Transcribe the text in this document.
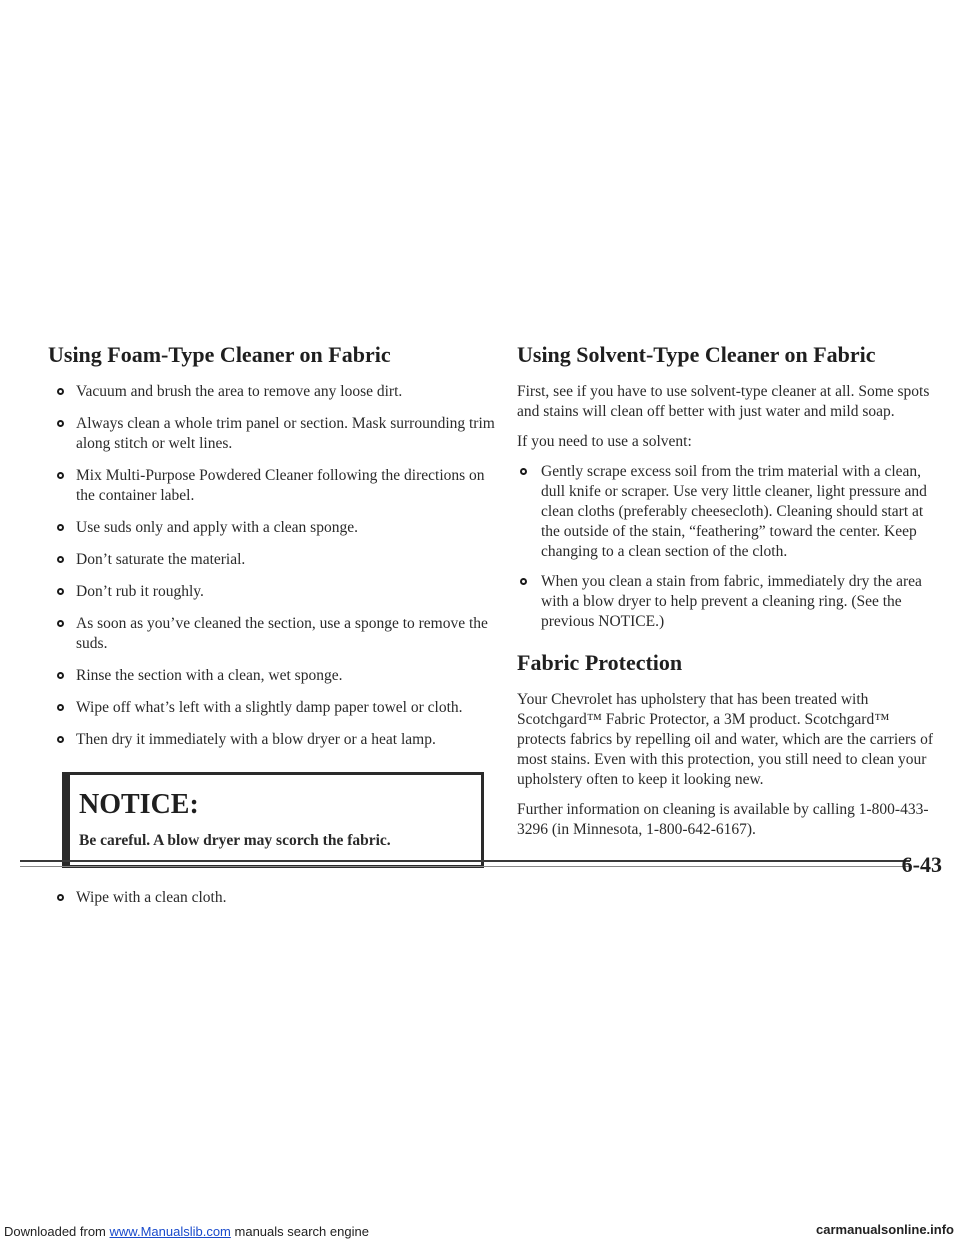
Using Foam-Type Cleaner on Fabric
Vacuum and brush the area to remove any loose dirt.
Always clean a whole trim panel or section. Mask surrounding trim along stitch or welt lines.
Mix Multi-Purpose Powdered Cleaner following the directions on the container label.
Use suds only and apply with a clean sponge.
Don’t saturate the material.
Don’t rub it roughly.
As soon as you’ve cleaned the section, use a sponge to remove the suds.
Rinse the section with a clean, wet sponge.
Wipe off what’s left with a slightly damp paper towel or cloth.
Then dry it immediately with a blow dryer or a heat lamp.
NOTICE:
Be careful. A blow dryer may scorch the fabric.
Wipe with a clean cloth.
Using Solvent-Type Cleaner on Fabric

First, see if you have to use solvent-type cleaner at all. Some spots and stains will clean off better with just water and mild soap.

If you need to use a solvent:

Gently scrape excess soil from the trim material with a clean, dull knife or scraper. Use very little cleaner, light pressure and clean cloths (preferably cheesecloth). Cleaning should start at the outside of the stain, “feathering” toward the center. Keep changing to a clean section of the cloth.
When you clean a stain from fabric, immediately dry the area with a blow dryer to help prevent a cleaning ring. (See the previous NOTICE.)
Fabric Protection

Your Chevrolet has upholstery that has been treated with Scotchgard™ Fabric Protector, a 3M product. Scotchgard™ protects fabrics by repelling oil and water, which are the carriers of most stains. Even with this protection, you still need to clean your upholstery often to keep it looking new.

Further information on cleaning is available by calling 1-800-433-3296 (in Minnesota, 1-800-642-6167).

6-43
Downloaded from www.Manualslib.com manuals search engine	carmanualsonline.info
